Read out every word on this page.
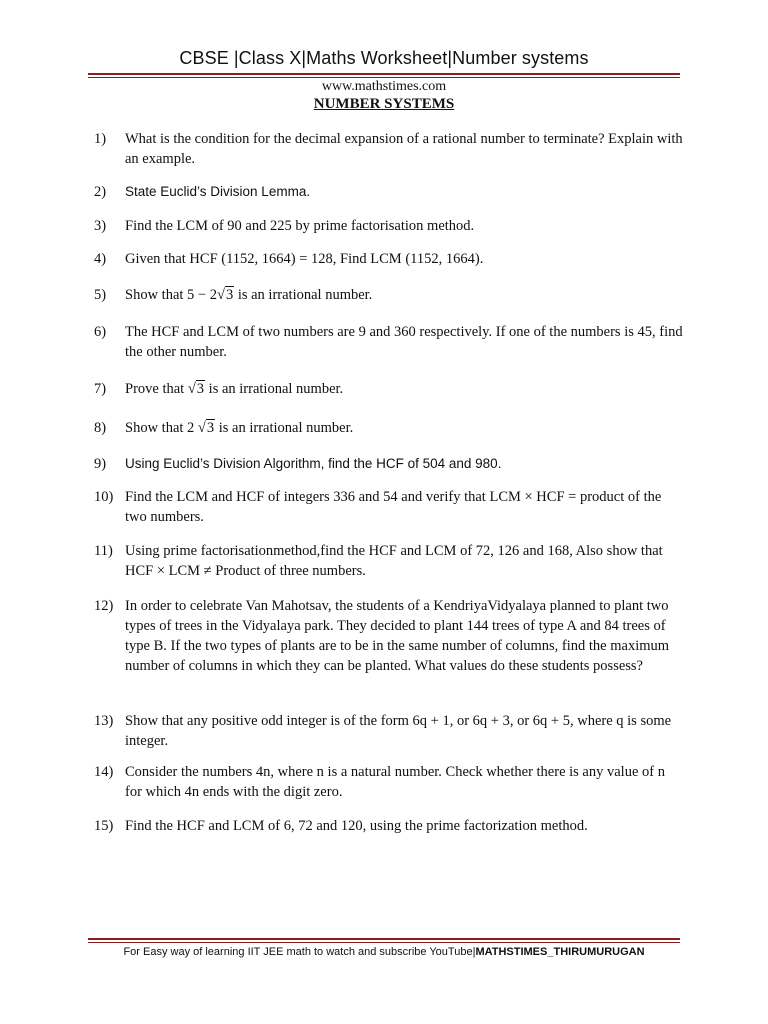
CBSE |Class X|Maths Worksheet|Number systems
www.mathstimes.com
NUMBER SYSTEMS
1) What is the condition for the decimal expansion of a rational number to terminate? Explain with an example.
2) State Euclid’s Division Lemma.
3) Find the LCM of 90 and 225 by prime factorisation method.
4) Given that HCF (1152, 1664) = 128, Find LCM (1152, 1664).
5) Show that 5 − 2√3 is an irrational number.
6) The HCF and LCM of two numbers are 9 and 360 respectively. If one of the numbers is 45, find the other number.
7) Prove that √3 is an irrational number.
8) Show that 2 √3 is an irrational number.
9) Using Euclid’s Division Algorithm, find the HCF of 504 and 980.
10) Find the LCM and HCF of integers 336 and 54 and verify that LCM × HCF = product of the two numbers.
11) Using prime factorisationmethod,find the HCF and LCM of 72, 126 and 168, Also show that HCF × LCM ≠ Product of three numbers.
12) In order to celebrate Van Mahotsav, the students of a KendriyaVidyalaya planned to plant two types of trees in the Vidyalaya park. They decided to plant 144 trees of type A and 84 trees of type B. If the two types of plants are to be in the same number of columns, find the maximum number of columns in which they can be planted. What values do these students possess?
13) Show that any positive odd integer is of the form 6q + 1, or 6q + 3, or 6q + 5, where q is some integer.
14) Consider the numbers 4n, where n is a natural number. Check whether there is any value of n for which 4n ends with the digit zero.
15) Find the HCF and LCM of 6, 72 and 120, using the prime factorization method.
For Easy way of learning IIT JEE math to watch and subscribe YouTube|MATHSTIMES_THIRUMURUGAN
